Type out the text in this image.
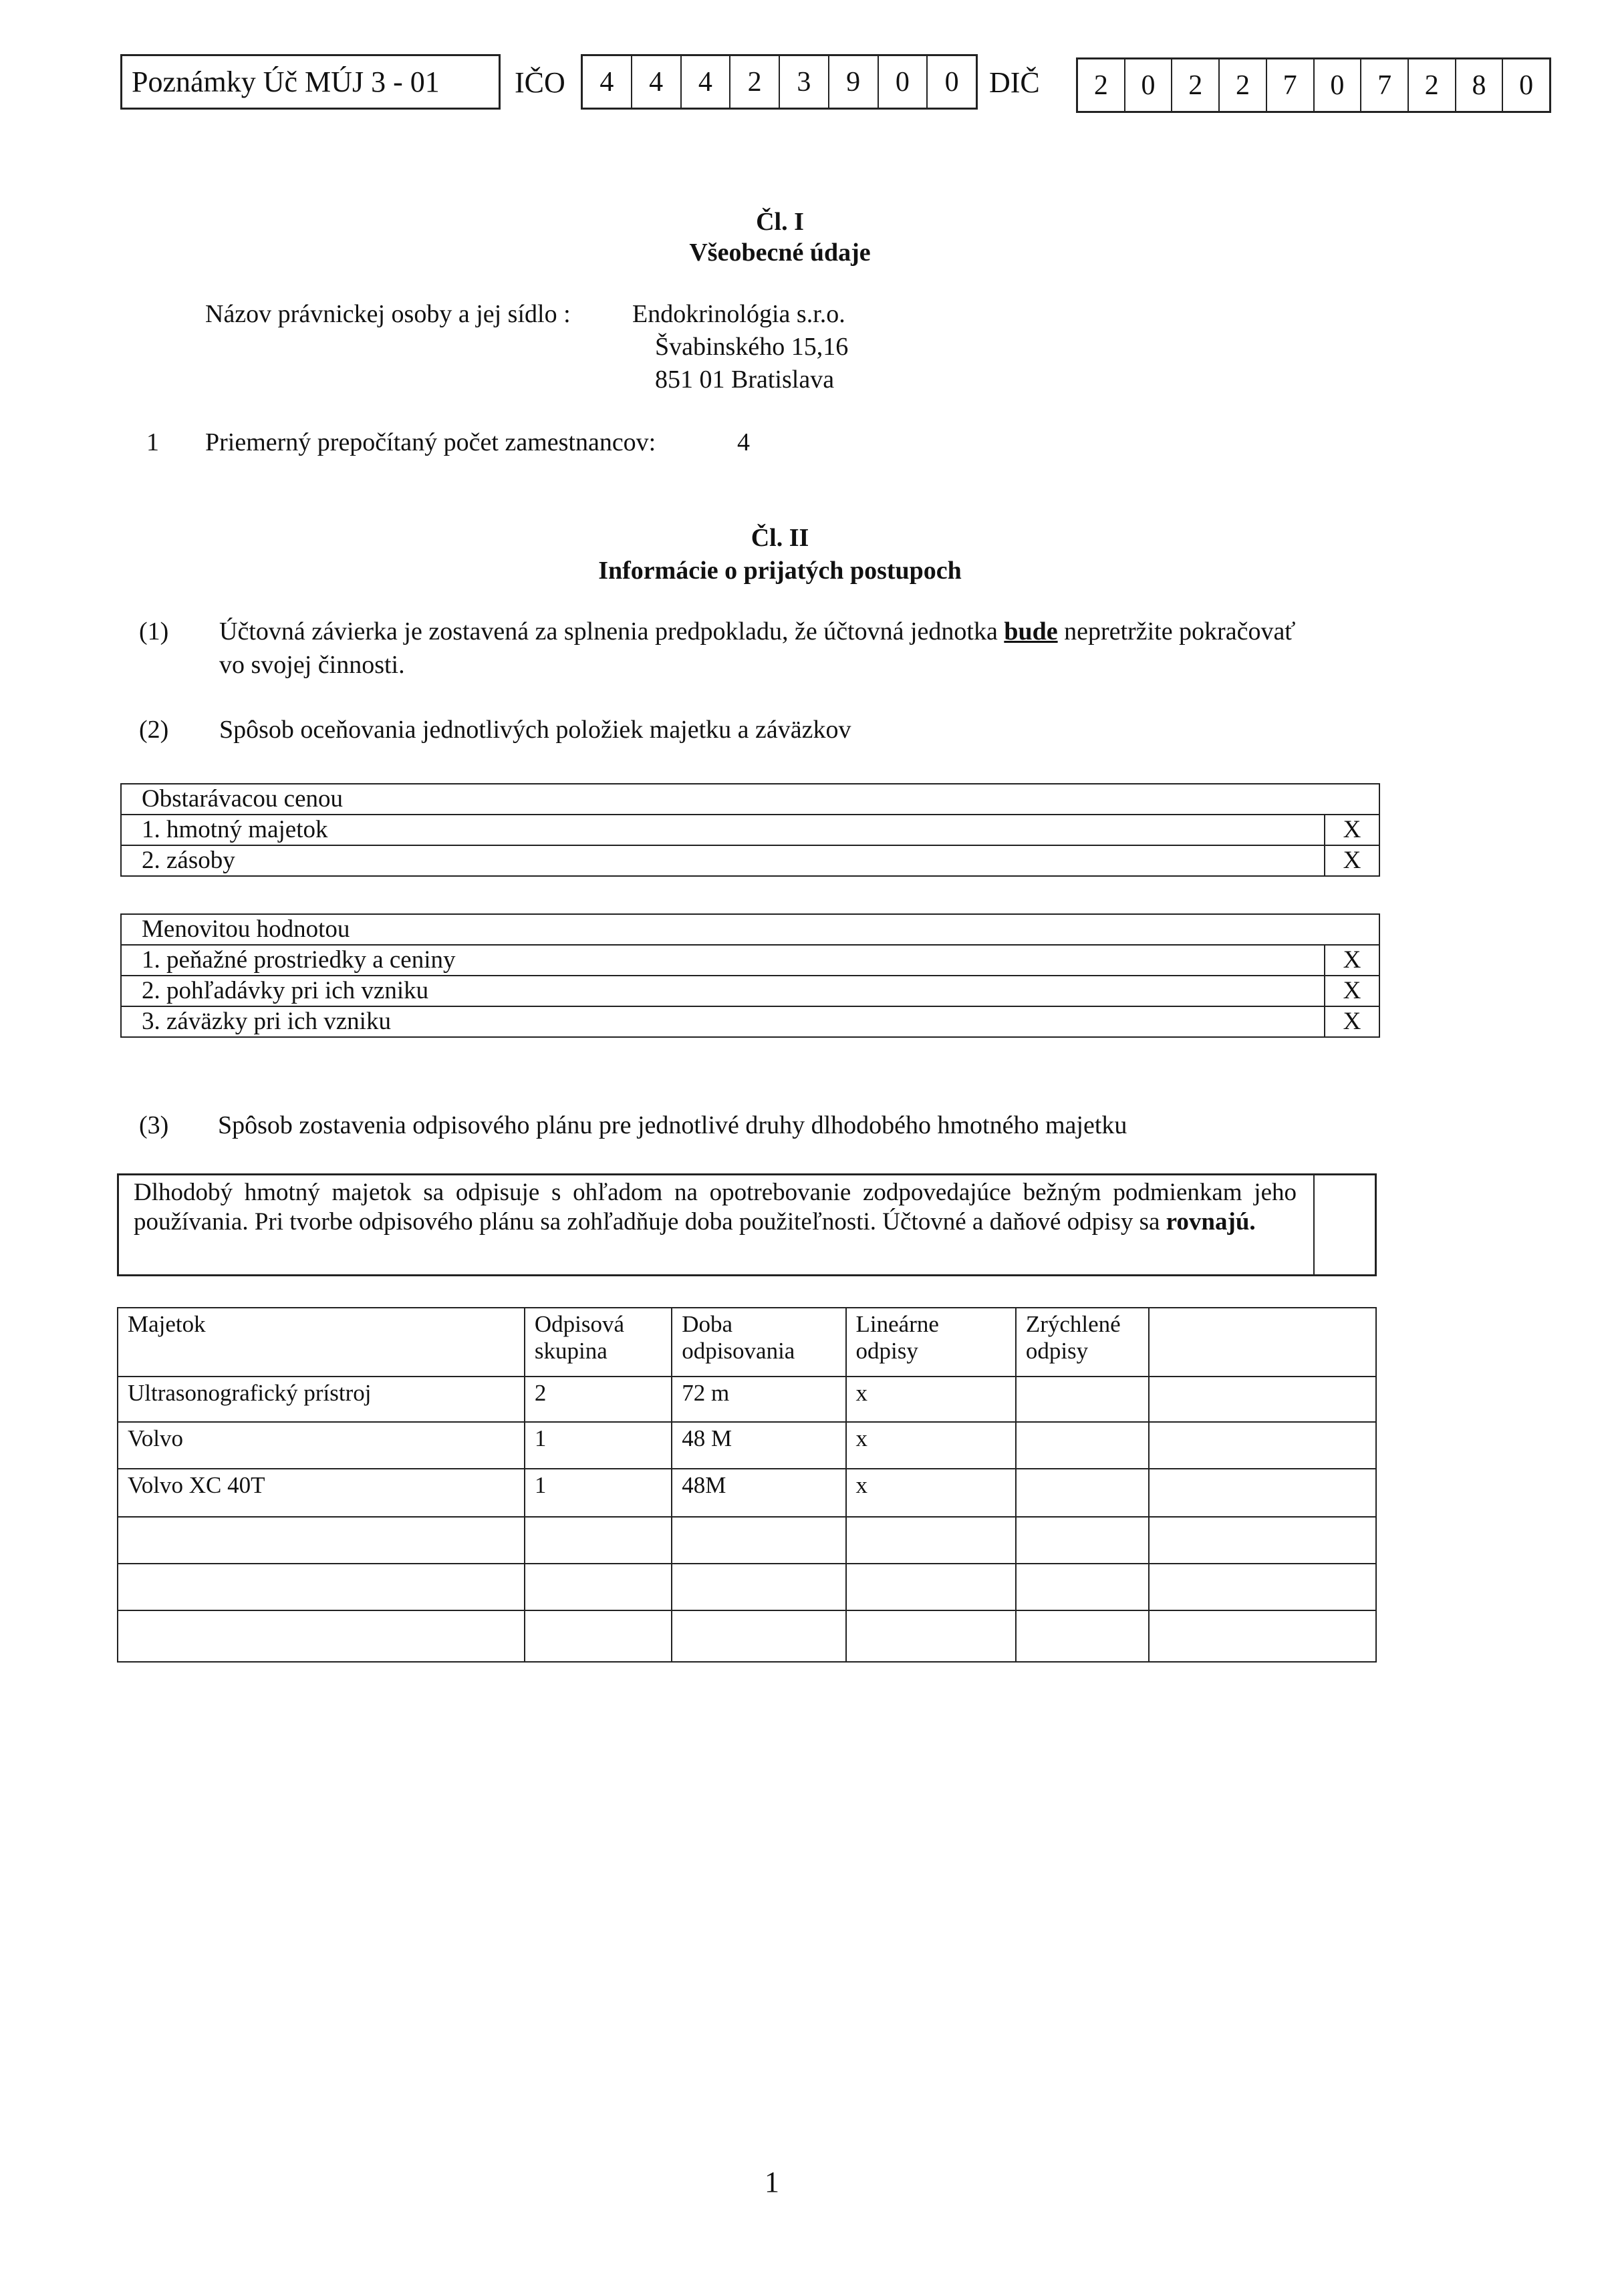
Poznámky Úč MÚJ 3 - 01	IČO	4	4	4	2	3	9	0	0	DIČ	2	0	2	2	7	0	7	2	8	0
Čl. I
Všeobecné údaje
Názov právnickej osoby a jej sídlo : Endokrinológia s.r.o.
Švabinského 15,16
851 01 Bratislava
1 Priemerný prepočítaný počet zamestnancov:	4
Čl. II
Informácie o prijatých postupoch
(1) Účtovná závierka je zostavená za splnenia predpokladu, že účtovná jednotka bude nepretržite pokračovať
vo svojej činnosti.
(2) Spôsob oceňovania jednotlivých položiek majetku a záväzkov
Obstarávacou cenou	
1. hmotný majetok	X
2. zásoby	X
Menovitou hodnotou	
1. peňažné prostriedky a ceniny	X
2. pohľadávky pri ich vzniku	X
3. záväzky pri ich vzniku	X
(3) Spôsob zostavenia odpisového plánu pre jednotlivé druhy dlhodobého hmotného majetku
Dlhodobý hmotný majetok sa odpisuje s ohľadom na opotrebovanie zodpovedajúce bežným podmienkam jeho používania. Pri tvorbe odpisového plánu sa zohľadňuje doba použiteľnosti. Účtovné a daňové odpisy sa rovnajú.
Majetok	Odpisová skupina	Doba odpisovania	Lineárne odpisy	Zrýchlené odpisy	
Ultrasonografický prístroj	2	72 m	x		
Volvo	1	48 M	x		
Volvo XC 40T	1	48M	x		

1
